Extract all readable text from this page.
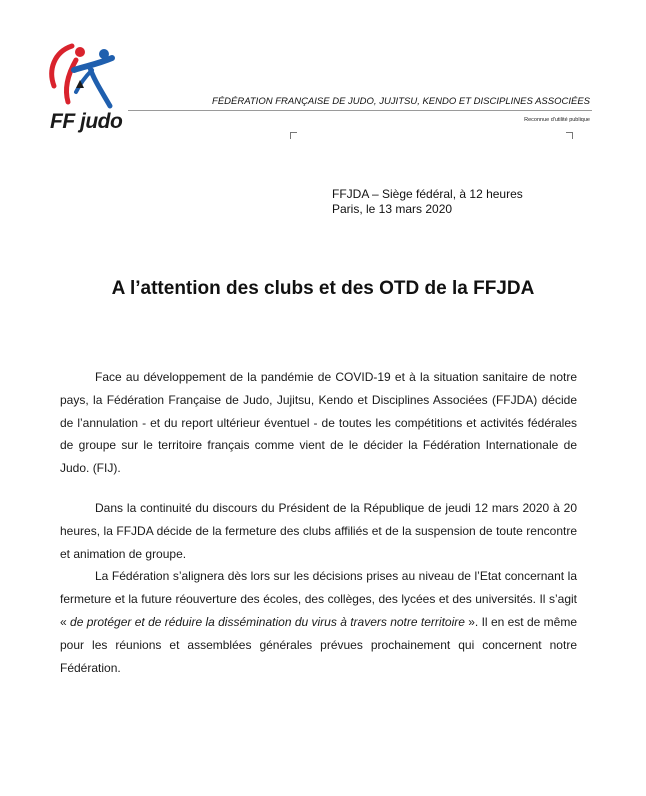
FF judo
FÉDÉRATION FRANÇAISE DE JUDO, JUJITSU, KENDO ET DISCIPLINES ASSOCIÉES
Reconnue d'utilité publique
FFJDA – Siège fédéral, à 12 heures
Paris, le 13 mars 2020
A l’attention des clubs et des OTD de la FFJDA

Face au développement de la pandémie de COVID-19 et à la situation sanitaire de notre pays, la Fédération Française de Judo, Jujitsu, Kendo et Disciplines Associées (FFJDA) décide de l’annulation - et du report ultérieur éventuel - de toutes les compétitions et activités fédérales de groupe sur le territoire français comme vient de le décider la Fédération Internationale de Judo. (FIJ).

Dans la continuité du discours du Président de la République de jeudi 12 mars 2020 à 20 heures, la FFJDA décide de la fermeture des clubs affiliés et de la suspension de toute rencontre et animation de groupe.

La Fédération s’alignera dès lors sur les décisions prises au niveau de l’Etat concernant la fermeture et la future réouverture des écoles, des collèges, des lycées et des universités. Il s’agit « de protéger et de réduire la dissémination du virus à travers notre territoire ». Il en est de même pour les réunions et assemblées générales prévues prochainement qui concernent notre Fédération.
